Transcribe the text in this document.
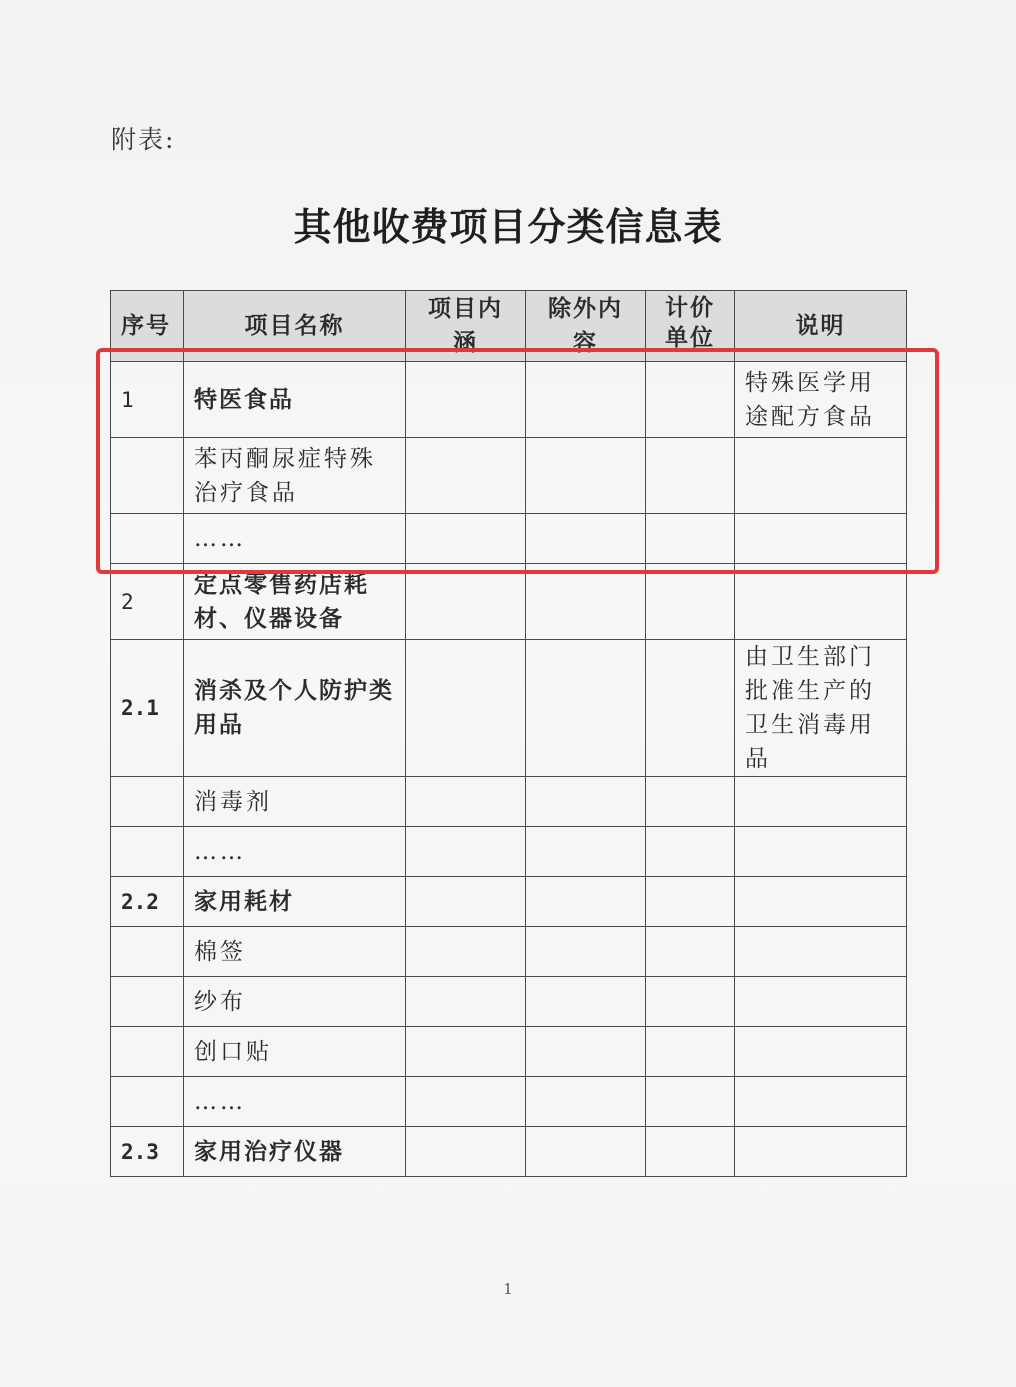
附表:
其他收费项目分类信息表
序号	项目名称	项目内涵	除外内容	计价单位	说明
1	特医食品				特殊医学用途配方食品
	苯丙酮尿症特殊治疗食品				
	……				
2	定点零售药店耗材、仪器设备				
2.1	消杀及个人防护类用品				由卫生部门批准生产的卫生消毒用品
	消毒剂				
	……				
2.2	家用耗材				
	棉签				
	纱布				
	创口贴				
	……				
2.3	家用治疗仪器				
1
